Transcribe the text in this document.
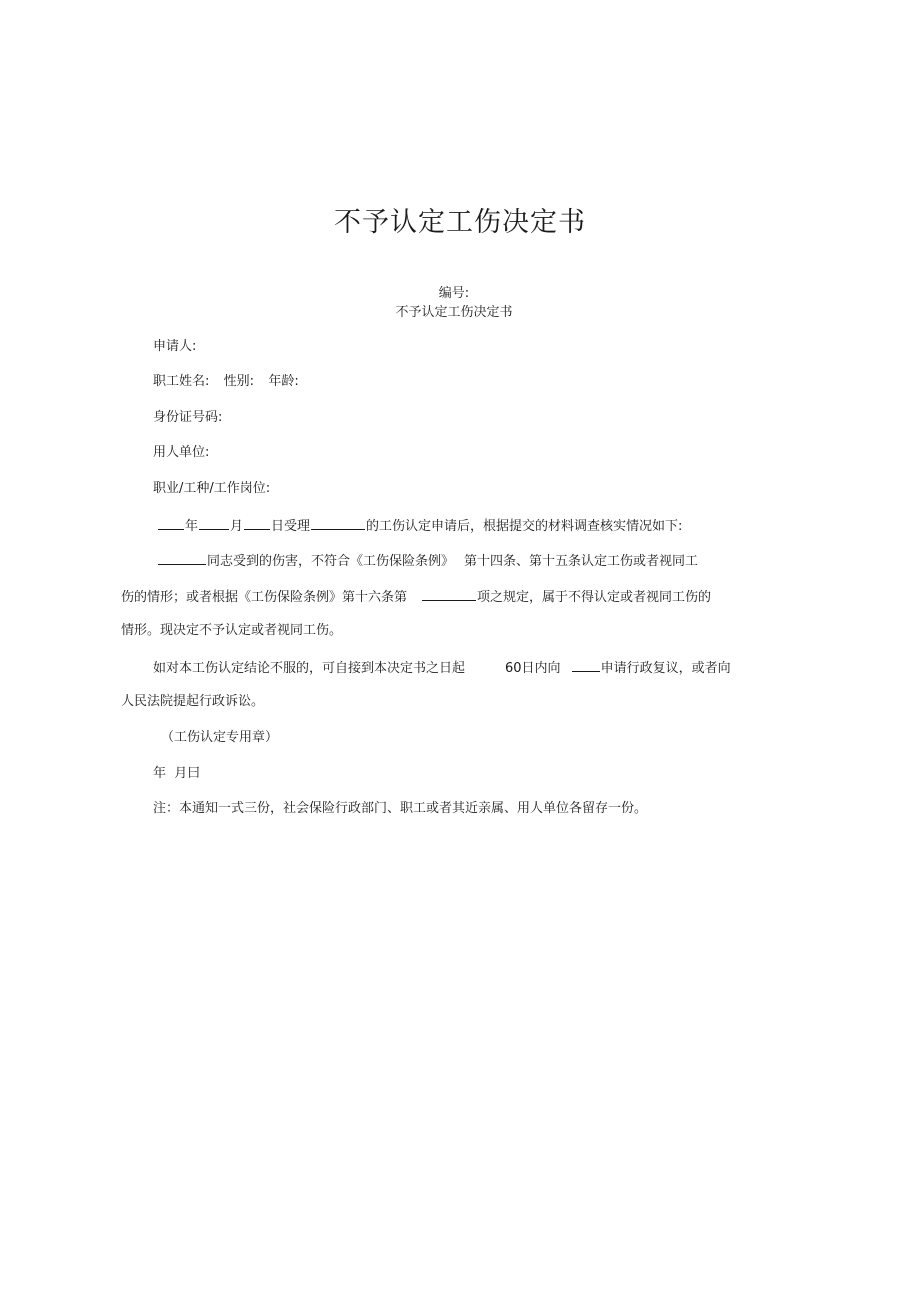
不予认定工伤决定书
编号:
不予认定工伤决定书
申请人:
职工姓名: 性别: 年龄:
身份证号码:
用人单位:
职业/工种/工作岗位:
年 月 日受理	的工伤认定申请后，根据提交的材料调查核实情况如下:
同志受到的伤害，不符合《工伤保险条例》 第十四条、第十五条认定工伤或者视同工
伤的情形；或者根据《工伤保险条例》第十六条第	项之规定，属于不得认定或者视同工伤的
情形。现决定不予认定或者视同工伤。
如对本工伤认定结论不服的，可自接到本决定书之日起	60日内向	申请行政复议，或者向
人民法院提起行政诉讼。
（工伤认定专用章）
年  月曰
注：本通知一式三份，社会保险行政部门、职工或者其近亲属、用人单位各留存一份。
